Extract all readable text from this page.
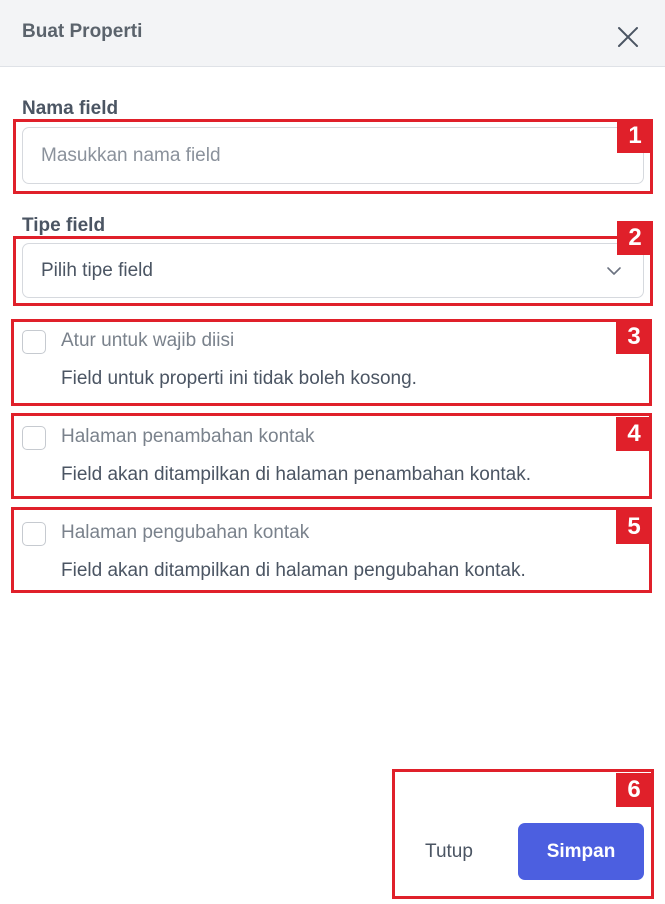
Buat Properti
Nama field
Masukkan nama field
Tipe field
Pilih tipe field
Atur untuk wajib diisi
Field untuk properti ini tidak boleh kosong.
Halaman penambahan kontak
Field akan ditampilkan di halaman penambahan kontak.
Halaman pengubahan kontak
Field akan ditampilkan di halaman pengubahan kontak.
Tutup	Simpan
1
2
3
4
5
6
